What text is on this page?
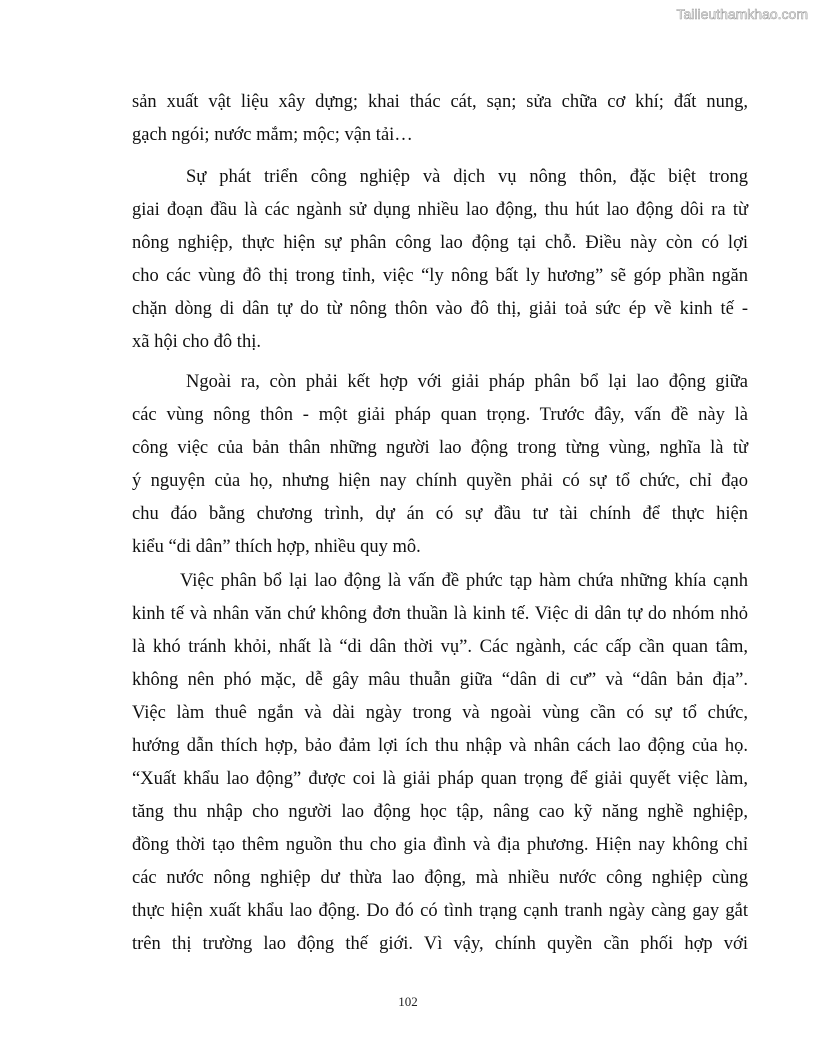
Tailieuthamkhao.com
sản xuất vật liệu xây dựng; khai thác cát, sạn; sửa chữa cơ khí; đất nung,
gạch ngói; nước mắm; mộc; vận tải…
Sự phát triển công nghiệp và dịch vụ nông thôn, đặc biệt trong
giai đoạn đầu là các ngành sử dụng nhiều lao động, thu hút lao động dôi ra từ
nông nghiệp, thực hiện sự phân công lao động tại chỗ. Điều này còn có lợi
cho các vùng đô thị trong tỉnh, việc “ly nông bất ly hương” sẽ góp phần ngăn
chặn dòng di dân tự do từ nông thôn vào đô thị, giải toả sức ép về kinh tế -
xã hội cho đô thị.
Ngoài ra, còn phải kết hợp với giải pháp phân bổ lại lao động giữa
các vùng nông thôn - một giải pháp quan trọng. Trước đây, vấn đề này là
công việc của bản thân những người lao động trong từng vùng, nghĩa là từ
ý nguyện của họ, nhưng hiện nay chính quyền phải có sự tổ chức, chỉ đạo
chu đáo bằng chương trình, dự án có sự đầu tư tài chính để thực hiện
kiểu “di dân” thích hợp, nhiều quy mô.
Việc phân bổ lại lao động là vấn đề phức tạp hàm chứa những khía cạnh
kinh tế và nhân văn chứ không đơn thuần là kinh tế. Việc di dân tự do nhóm nhỏ
là khó tránh khỏi, nhất là “di dân thời vụ”. Các ngành, các cấp cần quan tâm,
không nên phó mặc, dễ gây mâu thuẫn giữa “dân di cư” và “dân bản địa”.
Việc làm thuê ngắn và dài ngày trong và ngoài vùng cần có sự tổ chức,
hướng dẫn thích hợp, bảo đảm lợi ích thu nhập và nhân cách lao động của họ.
“Xuất khẩu lao động” được coi là giải pháp quan trọng để giải quyết việc làm,
tăng thu nhập cho người lao động học tập, nâng cao kỹ năng nghề nghiệp,
đồng thời tạo thêm nguồn thu cho gia đình và địa phương. Hiện nay không chỉ
các nước nông nghiệp dư thừa lao động, mà nhiều nước công nghiệp cùng
thực hiện xuất khẩu lao động. Do đó có tình trạng cạnh tranh ngày càng gay gắt
trên thị trường lao động thế giới. Vì vậy, chính quyền cần phối hợp với
102
